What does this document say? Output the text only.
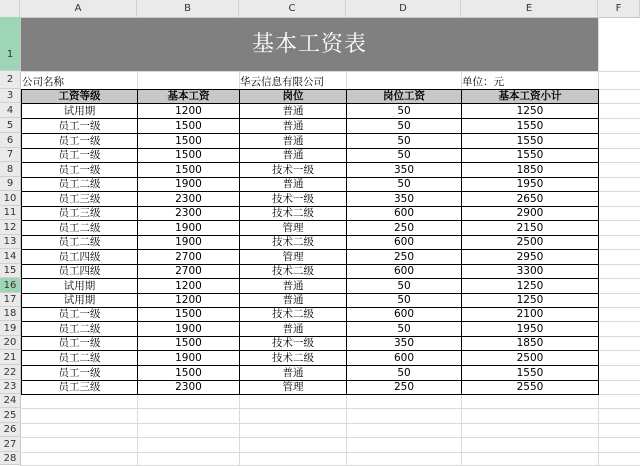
A	B	C	D	E	F
1
2
3
4
5
6
7
8
9
10
11
12
13
14
15
16
17
18
19
20
21
22
23
24
25
26
27
28
基本工资表
公司名称	华云信息有限公司	单位：元
工资等级	基本工资	岗位	岗位工资	基本工资小计
试用期	1200	普通	50	1250
员工一级	1500	普通	50	1550
员工一级	1500	普通	50	1550
员工一级	1500	普通	50	1550
员工一级	1500	技术一级	350	1850
员工二级	1900	普通	50	1950
员工三级	2300	技术一级	350	2650
员工三级	2300	技术二级	600	2900
员工二级	1900	管理	250	2150
员工二级	1900	技术二级	600	2500
员工四级	2700	管理	250	2950
员工四级	2700	技术二级	600	3300
试用期	1200	普通	50	1250
试用期	1200	普通	50	1250
员工一级	1500	技术二级	600	2100
员工二级	1900	普通	50	1950
员工一级	1500	技术一级	350	1850
员工二级	1900	技术二级	600	2500
员工一级	1500	普通	50	1550
员工三级	2300	管理	250	2550
